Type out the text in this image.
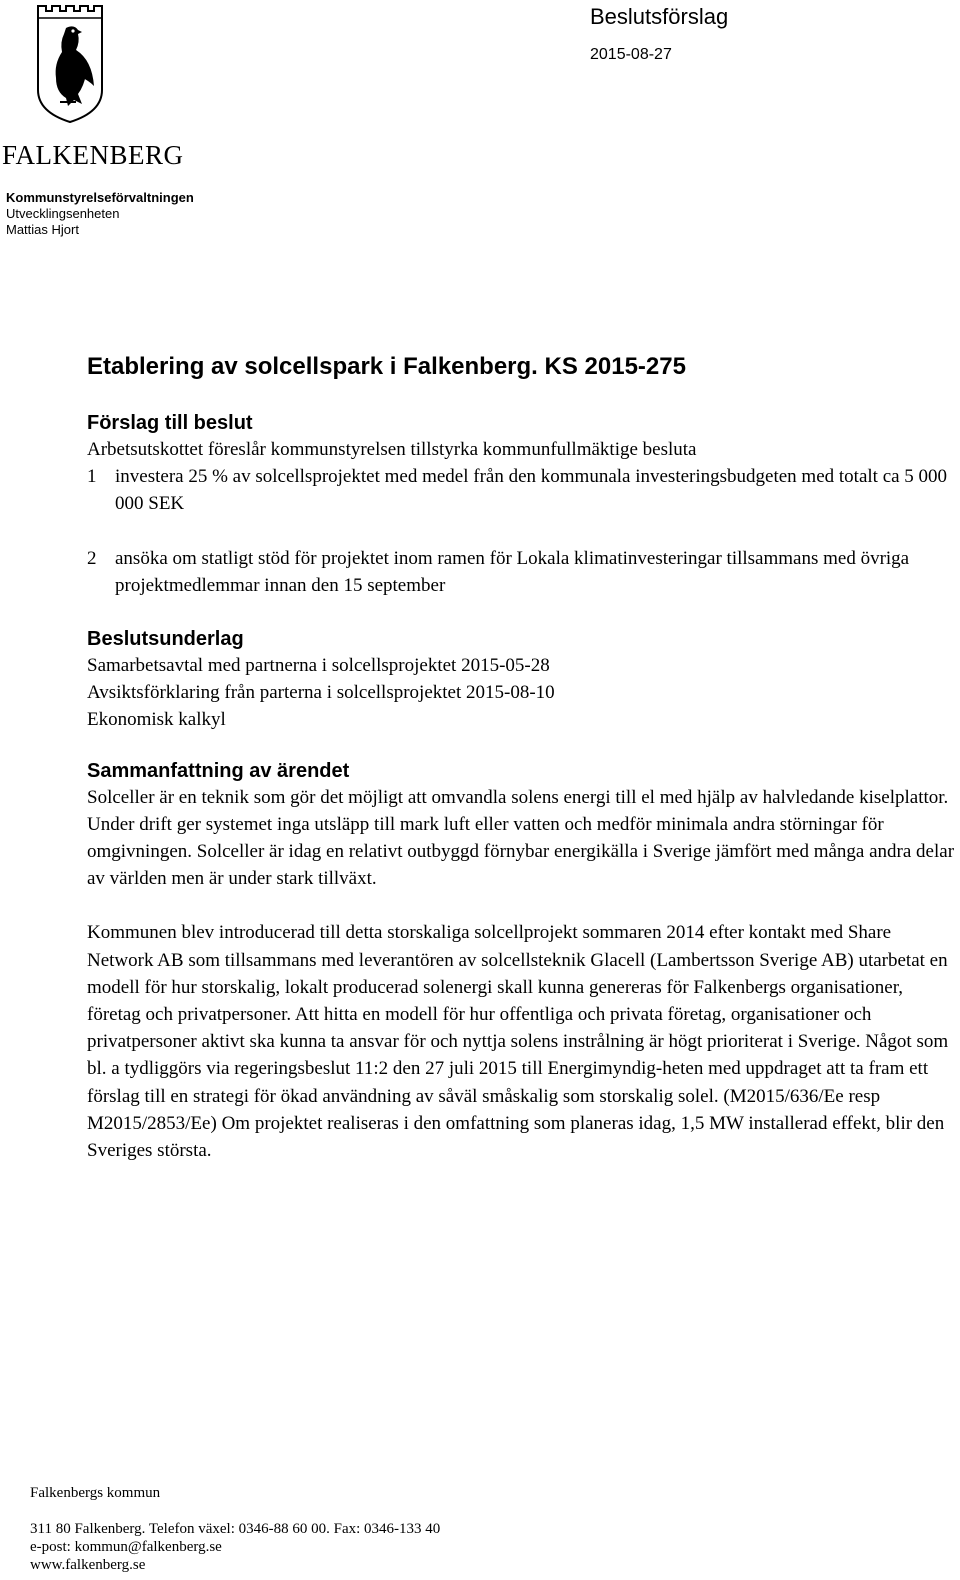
FALKENBERG
Beslutsförslag
2015-08-27
Kommunstyrelseförvaltningen
Utvecklingsenheten
Mattias Hjort
Etablering av solcellspark i Falkenberg. KS 2015-275
Förslag till beslut

Arbetsutskottet föreslår kommunstyrelsen tillstyrka kommunfullmäktige besluta

1 investera 25 % av solcellsprojektet med medel från den kommunala investeringsbudgeten med totalt ca 5 000 000 SEK
2 ansöka om statligt stöd för projektet inom ramen för Lokala klimatinvesteringar tillsammans med övriga projektmedlemmar innan den 15 september
Beslutsunderlag

Samarbetsavtal med partnerna i solcellsprojektet 2015-05-28

Avsiktsförklaring från parterna i solcellsprojektet 2015-08-10

Ekonomisk kalkyl

Sammanfattning av ärendet

Solceller är en teknik som gör det möjligt att omvandla solens energi till el med hjälp av halvledande kiselplattor. Under drift ger systemet inga utsläpp till mark luft eller vatten och medför minimala andra störningar för omgivningen. Solceller är idag en relativt outbyggd förnybar energikälla i Sverige jämfört med många andra delar av världen men är under stark tillväxt.

Kommunen blev introducerad till detta storskaliga solcellprojekt sommaren 2014 efter kontakt med Share Network AB som tillsammans med leverantören av solcellsteknik Glacell (Lambertsson Sverige AB) utarbetat en modell för hur storskalig, lokalt producerad solenergi skall kunna genereras för Falkenbergs organisationer, företag och privatpersoner. Att hitta en modell för hur offentliga och privata företag, organisationer och privatpersoner aktivt ska kunna ta ansvar för och nyttja solens instrålning är högt prioriterat i Sverige. Något som bl. a tydliggörs via regeringsbeslut 11:2 den 27 juli 2015 till Energimyndig-heten med uppdraget att ta fram ett förslag till en strategi för ökad användning av såväl småskalig som storskalig solel. (M2015/636/Ee resp M2015/2853/Ee) Om projektet realiseras i den omfattning som planeras idag, 1,5 MW installerad effekt, blir den Sveriges största.

Falkenbergs kommun
311 80 Falkenberg. Telefon växel: 0346-88 60 00. Fax: 0346-133 40
e-post: kommun@falkenberg.se
www.falkenberg.se
